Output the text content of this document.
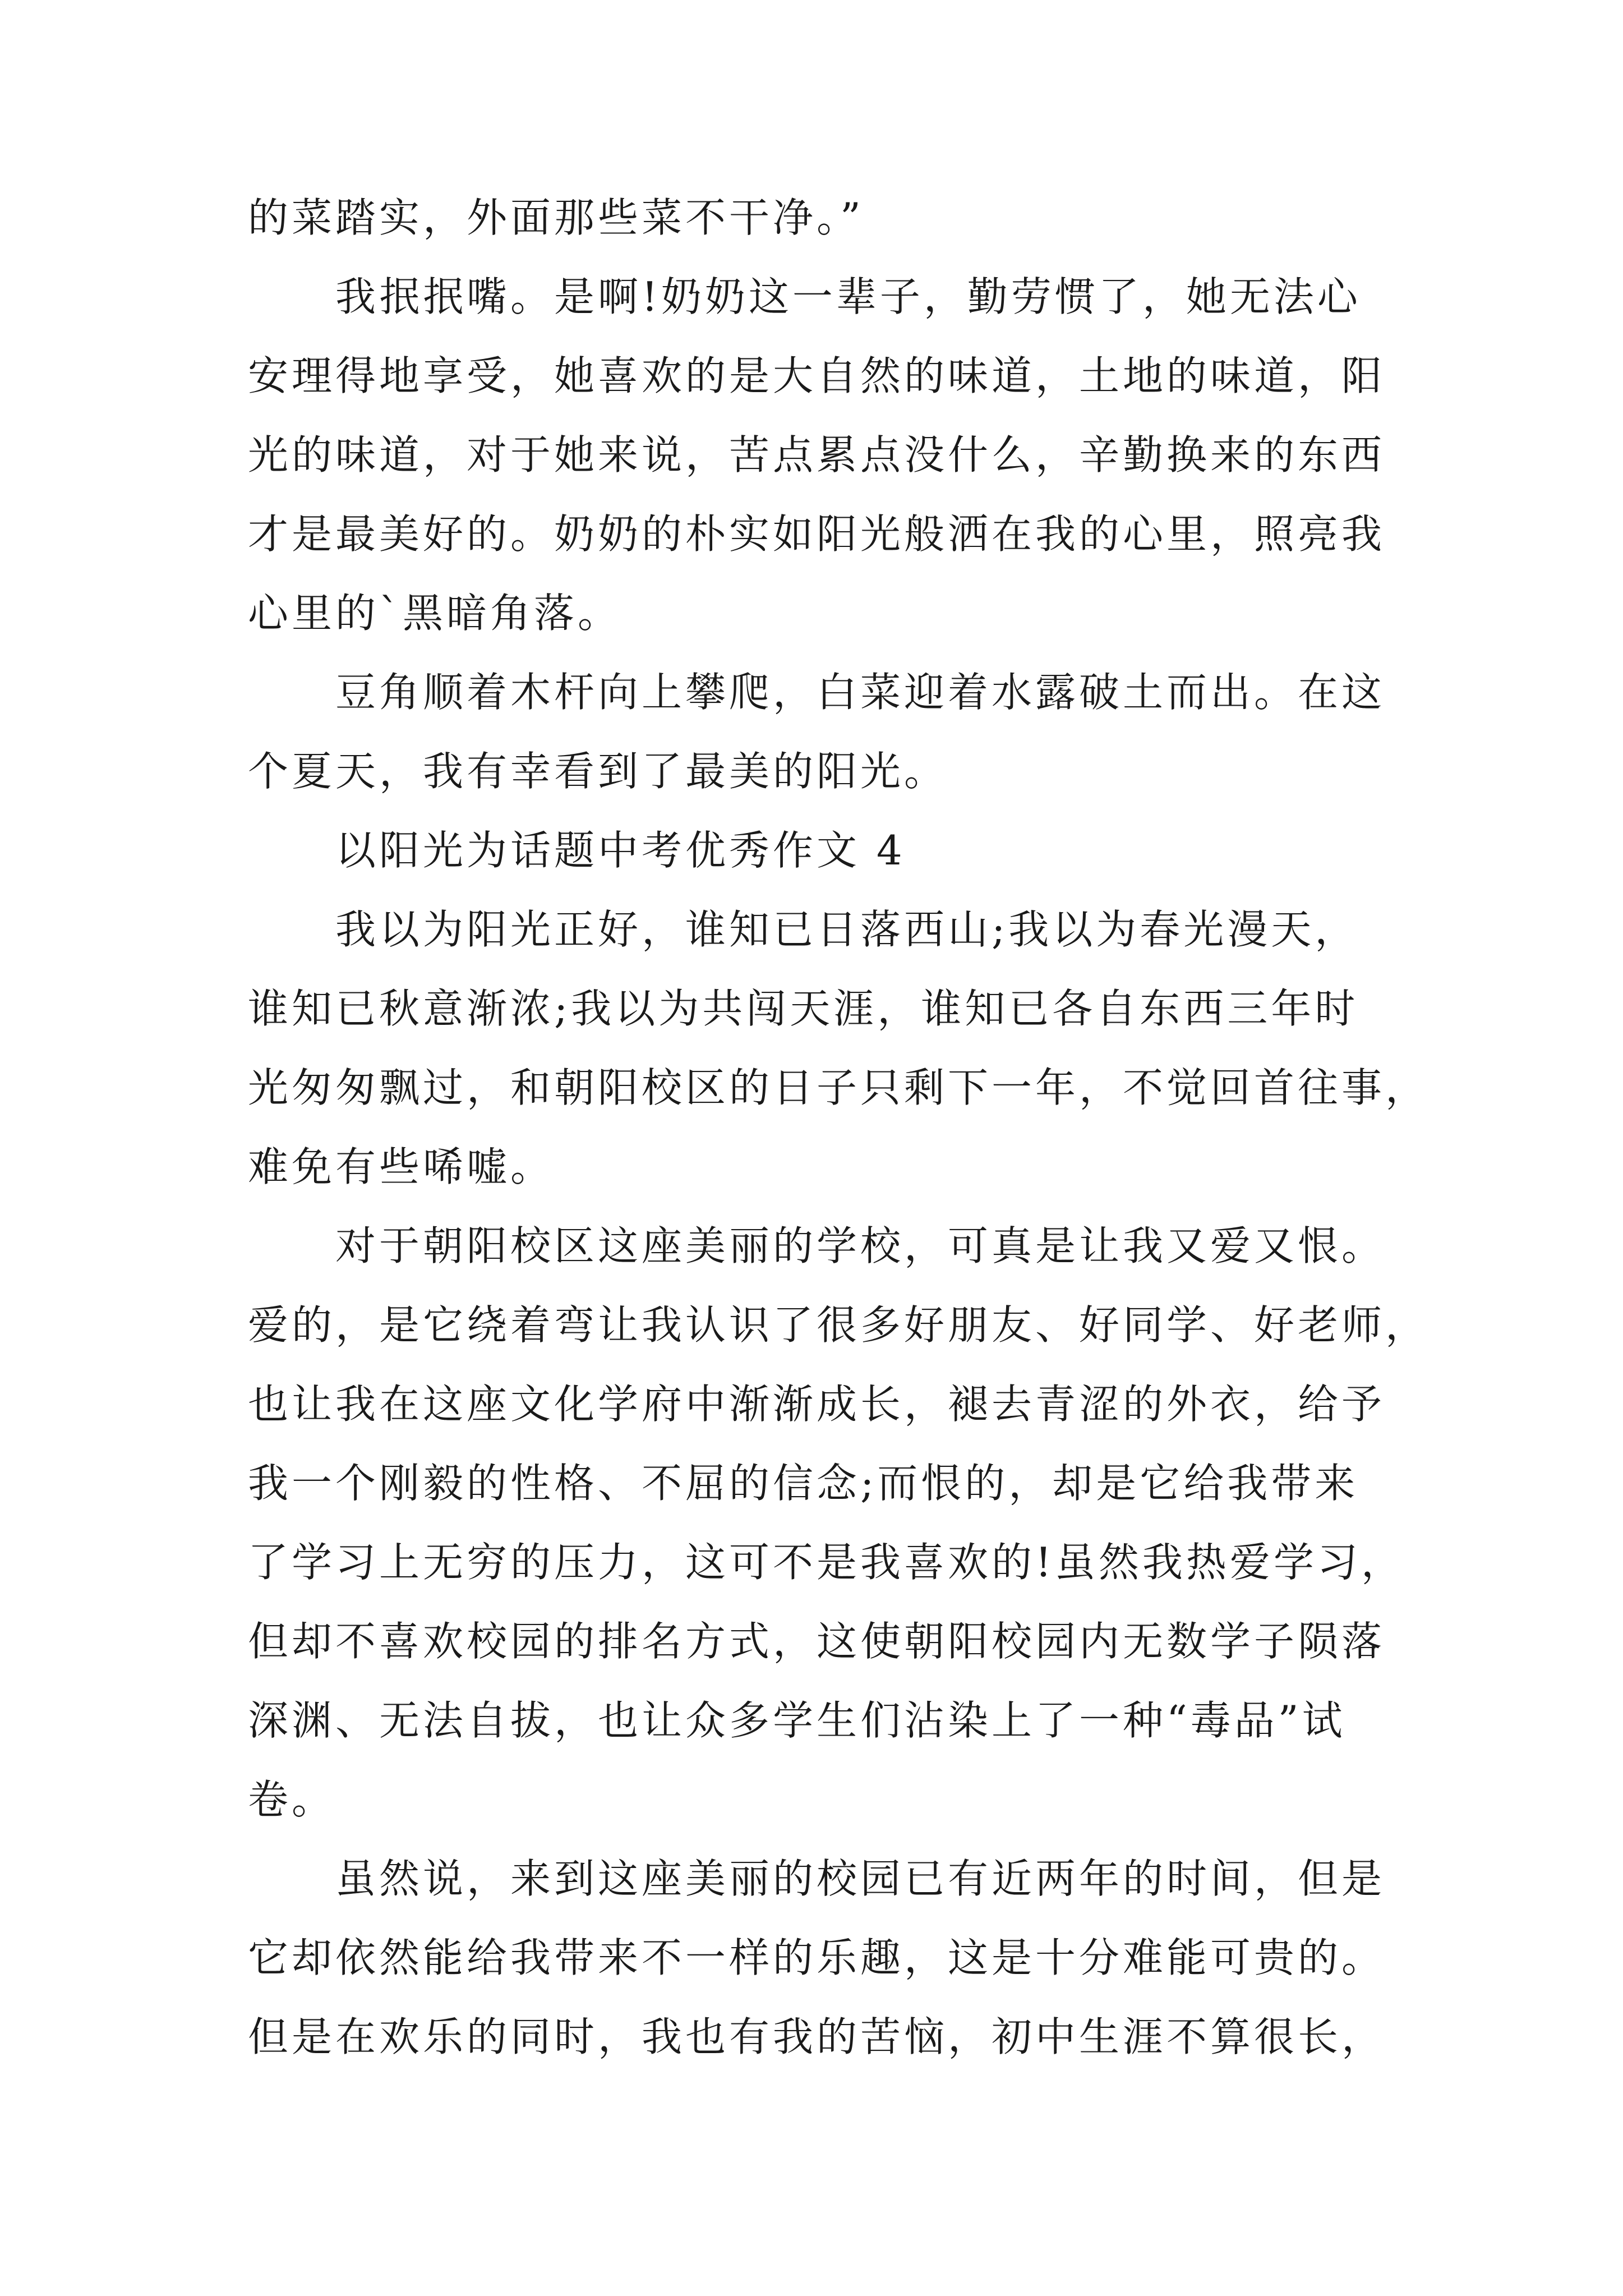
的菜踏实，外面那些菜不干净。”
　　我抿抿嘴。是啊!奶奶这一辈子，勤劳惯了，她无法心
安理得地享受，她喜欢的是大自然的味道，土地的味道，阳
光的味道，对于她来说，苦点累点没什么，辛勤换来的东西
才是最美好的。奶奶的朴实如阳光般洒在我的心里，照亮我
心里的`黑暗角落。
　　豆角顺着木杆向上攀爬，白菜迎着水露破土而出。在这
个夏天，我有幸看到了最美的阳光。
　　以阳光为话题中考优秀作文 4
　　我以为阳光正好，谁知已日落西山;我以为春光漫天，
谁知已秋意渐浓;我以为共闯天涯，谁知已各自东西三年时
光匆匆飘过，和朝阳校区的日子只剩下一年，不觉回首往事，
难免有些唏嘘。
　　对于朝阳校区这座美丽的学校，可真是让我又爱又恨。
爱的，是它绕着弯让我认识了很多好朋友、好同学、好老师，
也让我在这座文化学府中渐渐成长，褪去青涩的外衣，给予
我一个刚毅的性格、不屈的信念;而恨的，却是它给我带来
了学习上无穷的压力，这可不是我喜欢的!虽然我热爱学习，
但却不喜欢校园的排名方式，这使朝阳校园内无数学子陨落
深渊、无法自拔，也让众多学生们沾染上了一种“毒品”试
卷。
　　虽然说，来到这座美丽的校园已有近两年的时间，但是
它却依然能给我带来不一样的乐趣，这是十分难能可贵的。
但是在欢乐的同时，我也有我的苦恼，初中生涯不算很长，
